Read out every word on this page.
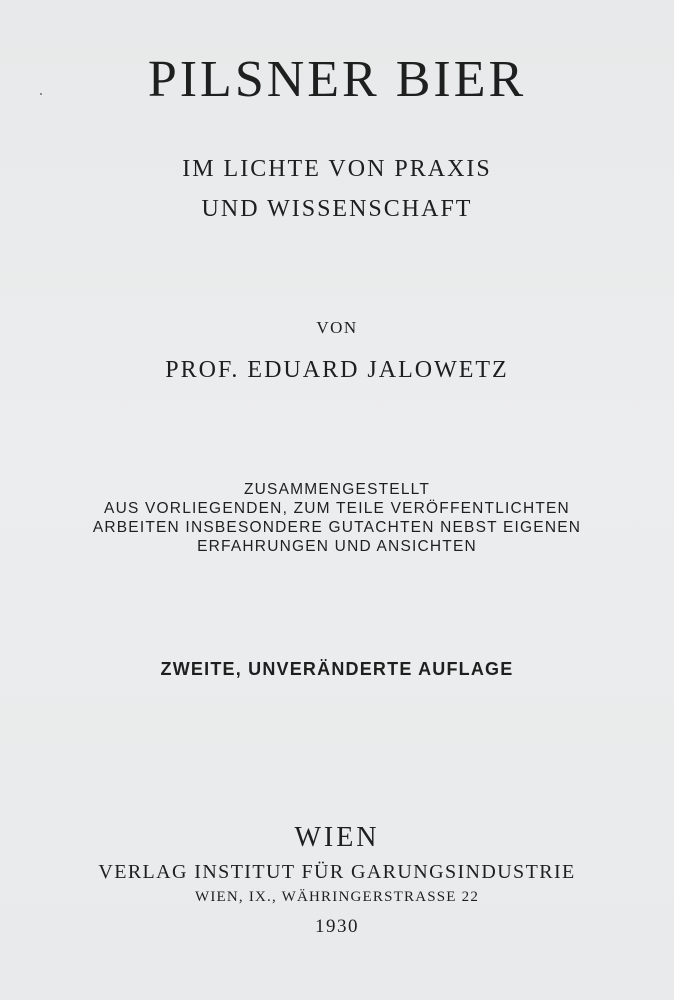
PILSNER BIER
IM LICHTE VON PRAXIS
UND WISSENSCHAFT
VON
PROF. EDUARD JALOWETZ
ZUSAMMENGESTELLT
AUS VORLIEGENDEN, ZUM TEILE VERÖFFENTLICHTEN
ARBEITEN INSBESONDERE GUTACHTEN NEBST EIGENEN
ERFAHRUNGEN UND ANSICHTEN
ZWEITE, UNVERÄNDERTE AUFLAGE
WIEN
VERLAG INSTITUT FÜR GARUNGSINDUSTRIE
WIEN, IX., WÄHRINGERSTRASSE 22
1930
